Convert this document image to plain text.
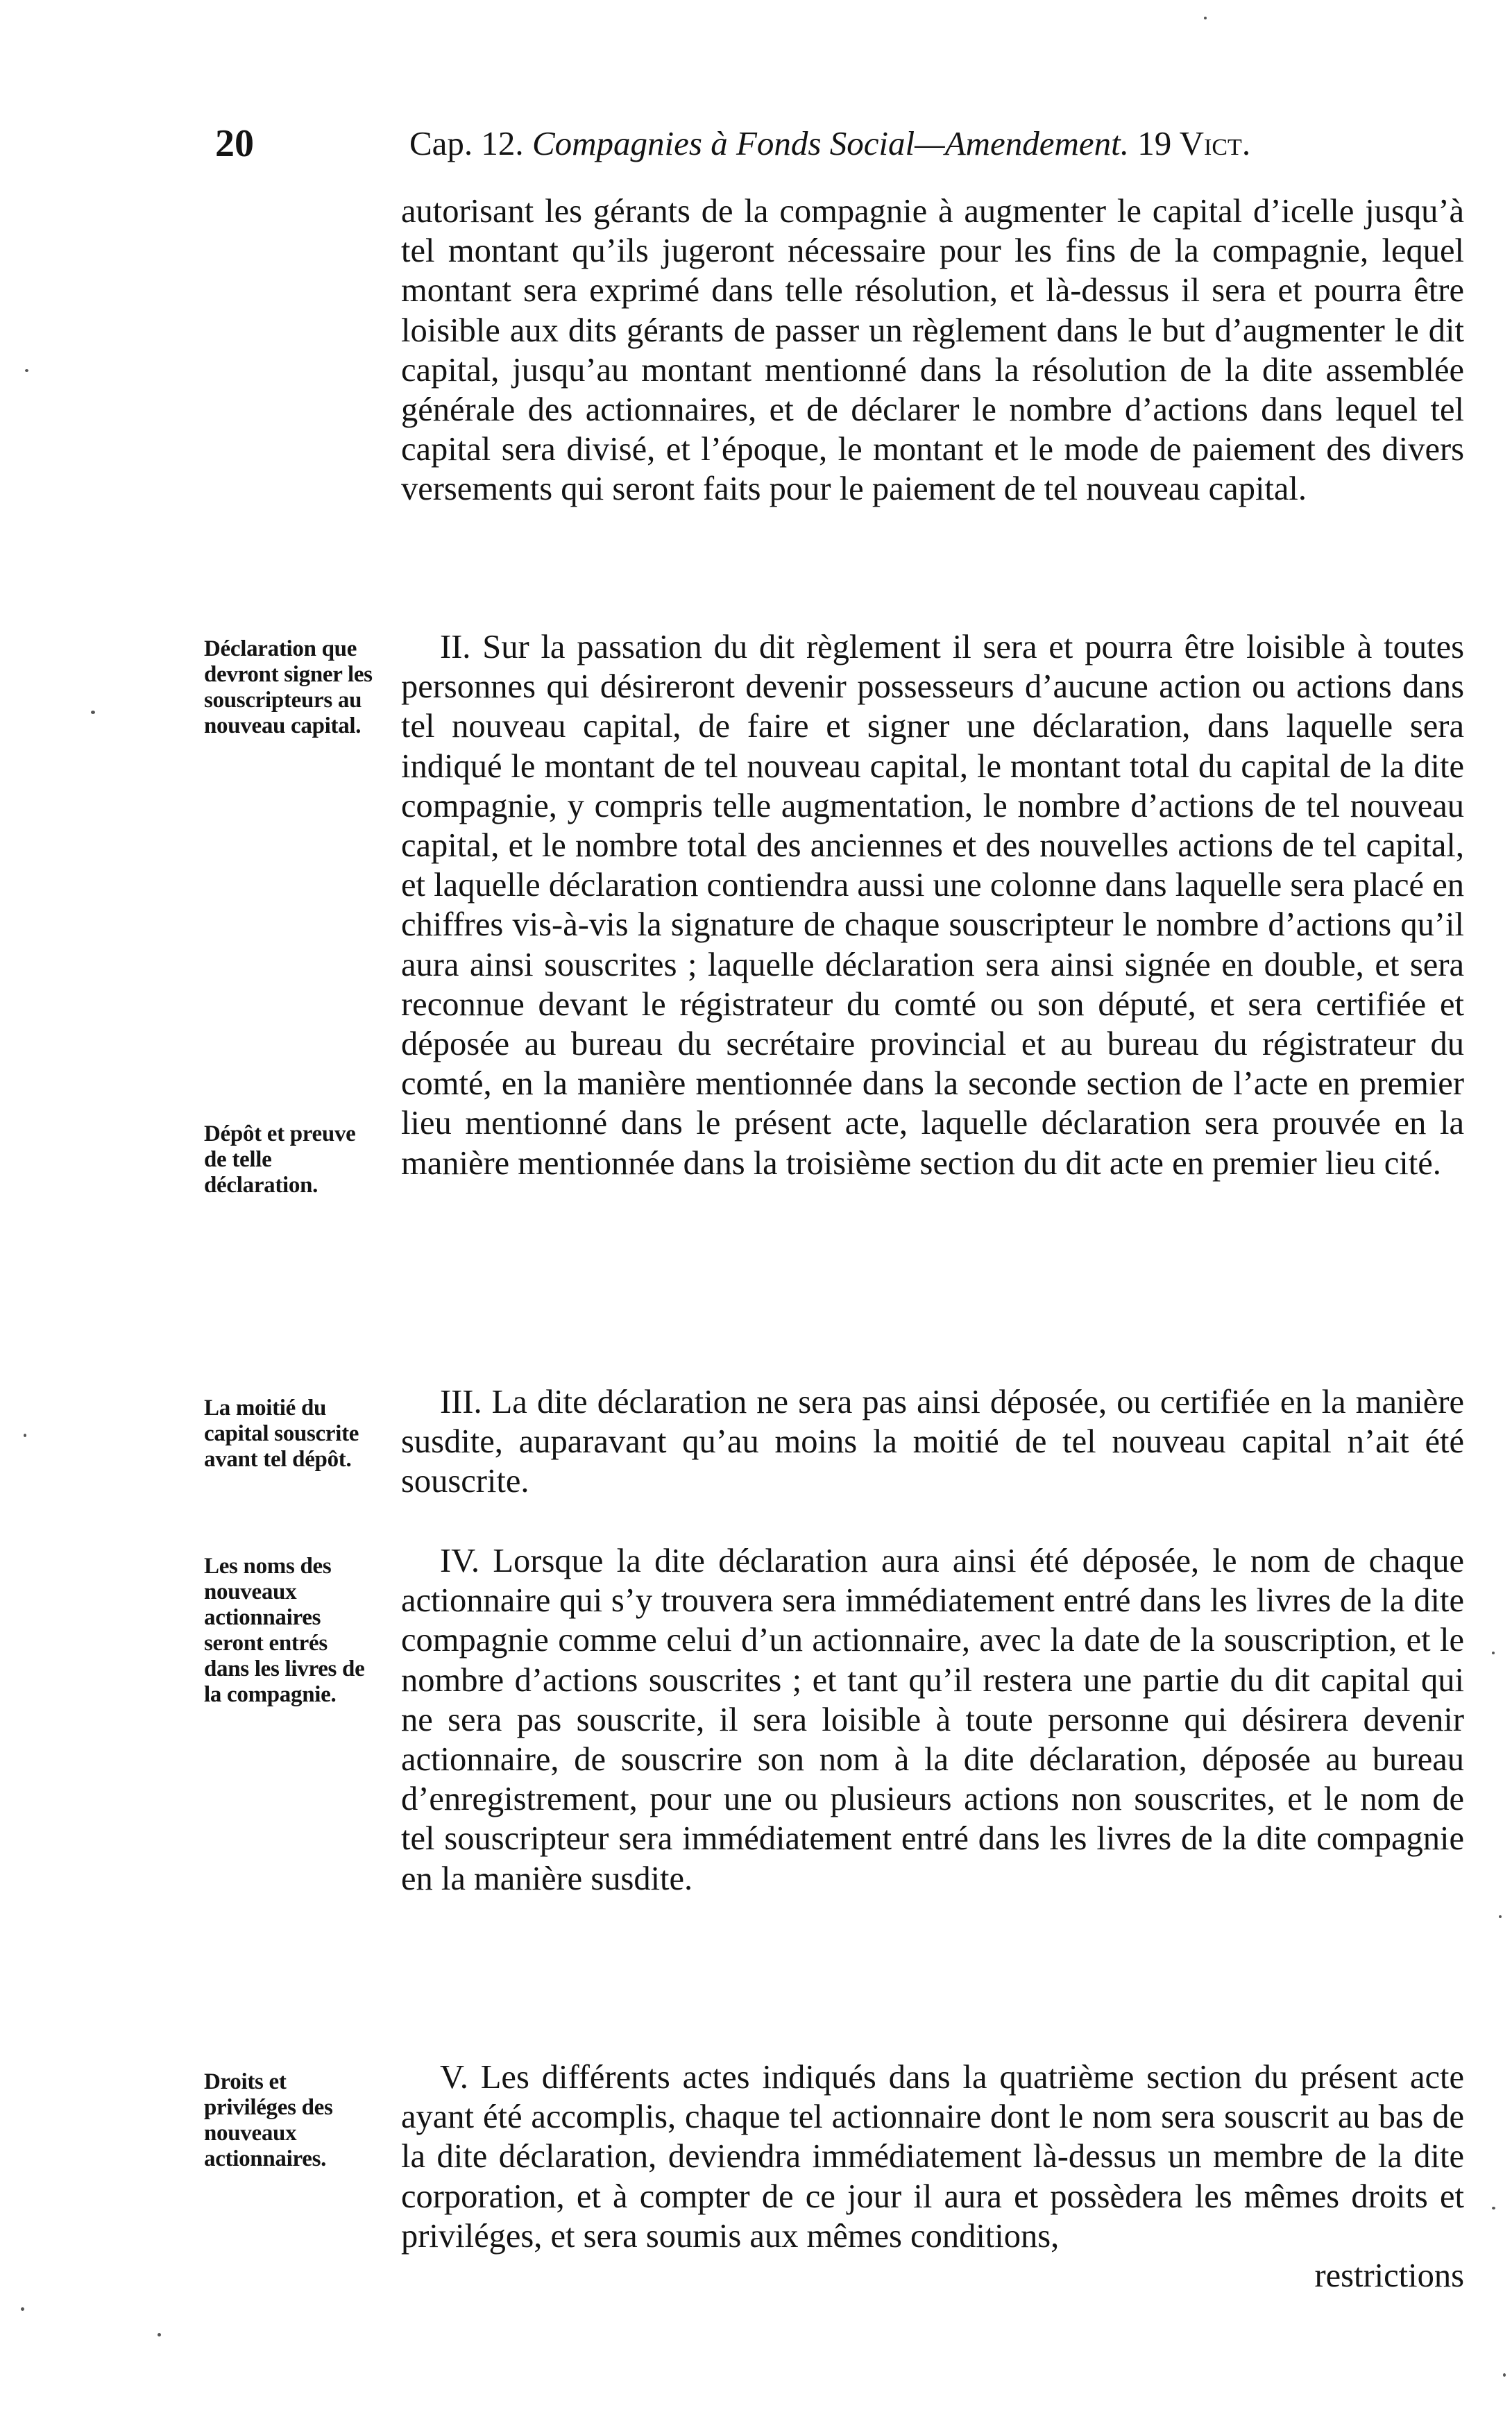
20	Cap. 12. Compagnies à Fonds Social—Amendement. 19 Vict.

autorisant les gérants de la compagnie à augmenter le capital d’icelle jusqu’à tel montant qu’ils jugeront nécessaire pour les fins de la compagnie, lequel montant sera exprimé dans telle résolution, et là-dessus il sera et pourra être loisible aux dits gérants de passer un règlement dans le but d’augmenter le dit capital, jusqu’au montant mentionné dans la résolution de la dite assemblée générale des actionnaires, et de déclarer le nombre d’actions dans lequel tel capital sera divisé, et l’époque, le montant et le mode de paiement des divers versements qui seront faits pour le paiement de tel nouveau capital.

II. Sur la passation du dit règlement il sera et pourra être loisible à toutes personnes qui désireront devenir possesseurs d’aucune action ou actions dans tel nouveau capital, de faire et signer une déclaration, dans laquelle sera indiqué le montant de tel nouveau capital, le montant total du capital de la dite compagnie, y compris telle augmentation, le nombre d’actions de tel nouveau capital, et le nombre total des anciennes et des nouvelles actions de tel capital, et laquelle déclaration contiendra aussi une colonne dans laquelle sera placé en chiffres vis-à-vis la signature de chaque souscripteur le nombre d’actions qu’il aura ainsi souscrites ; laquelle déclaration sera ainsi signée en double, et sera reconnue devant le régistrateur du comté ou son député, et sera certifiée et déposée au bureau du secrétaire provincial et au bureau du régistrateur du comté, en la manière mentionnée dans la seconde section de l’acte en premier lieu mentionné dans le présent acte, laquelle déclaration sera prouvée en la manière mentionnée dans la troisième section du dit acte en premier lieu cité.

III. La dite déclaration ne sera pas ainsi déposée, ou certifiée en la manière susdite, auparavant qu’au moins la moitié de tel nouveau capital n’ait été souscrite.

IV. Lorsque la dite déclaration aura ainsi été déposée, le nom de chaque actionnaire qui s’y trouvera sera immédiatement entré dans les livres de la dite compagnie comme celui d’un actionnaire, avec la date de la souscription, et le nombre d’actions souscrites ; et tant qu’il restera une partie du dit capital qui ne sera pas souscrite, il sera loisible à toute personne qui désirera devenir actionnaire, de souscrire son nom à la dite déclaration, déposée au bureau d’enregistrement, pour une ou plusieurs actions non souscrites, et le nom de tel souscripteur sera immédiatement entré dans les livres de la dite compagnie en la manière susdite.

V. Les différents actes indiqués dans la quatrième section du présent acte ayant été accomplis, chaque tel actionnaire dont le nom sera souscrit au bas de la dite déclaration, deviendra immédiatement là-dessus un membre de la dite corporation, et à compter de ce jour il aura et possèdera les mêmes droits et priviléges, et sera soumis aux mêmes conditions,

restrictions
Déclaration que devront signer les souscripteurs au nouveau capital.
Dépôt et preuve de telle déclaration.
La moitié du capital souscrite avant tel dépôt.
Les noms des nouveaux actionnaires seront entrés dans les livres de la compagnie.
Droits et priviléges des nouveaux actionnaires.
